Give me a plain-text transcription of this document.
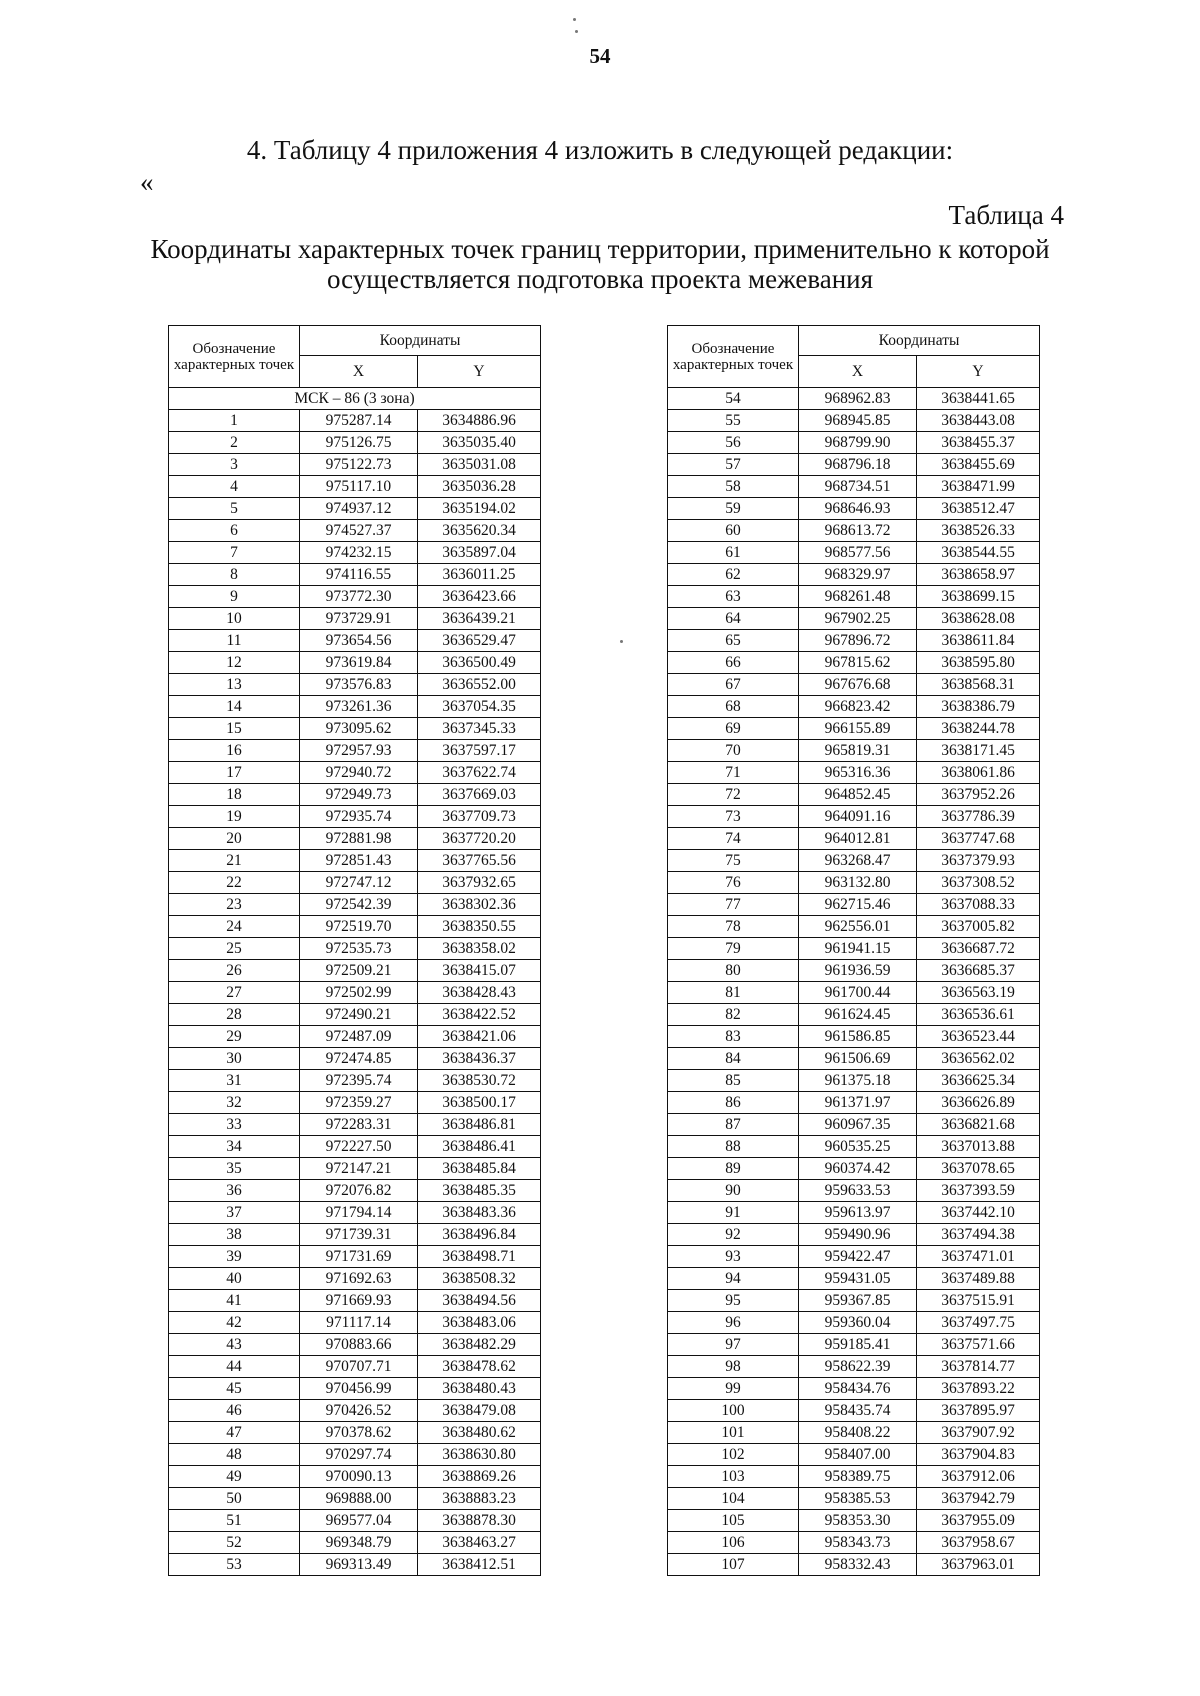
54
4. Таблицу 4 приложения 4 изложить в следующей редакции:
«
Таблица 4
Координаты характерных точек границ территории, применительно к которой осуществляется подготовка проекта межевания
Обозначение характерных точек	Координаты	
	X	Y
МСК – 86 (3 зона)		
1	975287.14	3634886.96
2	975126.75	3635035.40
3	975122.73	3635031.08
4	975117.10	3635036.28
5	974937.12	3635194.02
6	974527.37	3635620.34
7	974232.15	3635897.04
8	974116.55	3636011.25
9	973772.30	3636423.66
10	973729.91	3636439.21
11	973654.56	3636529.47
12	973619.84	3636500.49
13	973576.83	3636552.00
14	973261.36	3637054.35
15	973095.62	3637345.33
16	972957.93	3637597.17
17	972940.72	3637622.74
18	972949.73	3637669.03
19	972935.74	3637709.73
20	972881.98	3637720.20
21	972851.43	3637765.56
22	972747.12	3637932.65
23	972542.39	3638302.36
24	972519.70	3638350.55
25	972535.73	3638358.02
26	972509.21	3638415.07
27	972502.99	3638428.43
28	972490.21	3638422.52
29	972487.09	3638421.06
30	972474.85	3638436.37
31	972395.74	3638530.72
32	972359.27	3638500.17
33	972283.31	3638486.81
34	972227.50	3638486.41
35	972147.21	3638485.84
36	972076.82	3638485.35
37	971794.14	3638483.36
38	971739.31	3638496.84
39	971731.69	3638498.71
40	971692.63	3638508.32
41	971669.93	3638494.56
42	971117.14	3638483.06
43	970883.66	3638482.29
44	970707.71	3638478.62
45	970456.99	3638480.43
46	970426.52	3638479.08
47	970378.62	3638480.62
48	970297.74	3638630.80
49	970090.13	3638869.26
50	969888.00	3638883.23
51	969577.04	3638878.30
52	969348.79	3638463.27
53	969313.49	3638412.51
Обозначение характерных точек	Координаты	
	X	Y
54	968962.83	3638441.65
55	968945.85	3638443.08
56	968799.90	3638455.37
57	968796.18	3638455.69
58	968734.51	3638471.99
59	968646.93	3638512.47
60	968613.72	3638526.33
61	968577.56	3638544.55
62	968329.97	3638658.97
63	968261.48	3638699.15
64	967902.25	3638628.08
65	967896.72	3638611.84
66	967815.62	3638595.80
67	967676.68	3638568.31
68	966823.42	3638386.79
69	966155.89	3638244.78
70	965819.31	3638171.45
71	965316.36	3638061.86
72	964852.45	3637952.26
73	964091.16	3637786.39
74	964012.81	3637747.68
75	963268.47	3637379.93
76	963132.80	3637308.52
77	962715.46	3637088.33
78	962556.01	3637005.82
79	961941.15	3636687.72
80	961936.59	3636685.37
81	961700.44	3636563.19
82	961624.45	3636536.61
83	961586.85	3636523.44
84	961506.69	3636562.02
85	961375.18	3636625.34
86	961371.97	3636626.89
87	960967.35	3636821.68
88	960535.25	3637013.88
89	960374.42	3637078.65
90	959633.53	3637393.59
91	959613.97	3637442.10
92	959490.96	3637494.38
93	959422.47	3637471.01
94	959431.05	3637489.88
95	959367.85	3637515.91
96	959360.04	3637497.75
97	959185.41	3637571.66
98	958622.39	3637814.77
99	958434.76	3637893.22
100	958435.74	3637895.97
101	958408.22	3637907.92
102	958407.00	3637904.83
103	958389.75	3637912.06
104	958385.53	3637942.79
105	958353.30	3637955.09
106	958343.73	3637958.67
107	958332.43	3637963.01
